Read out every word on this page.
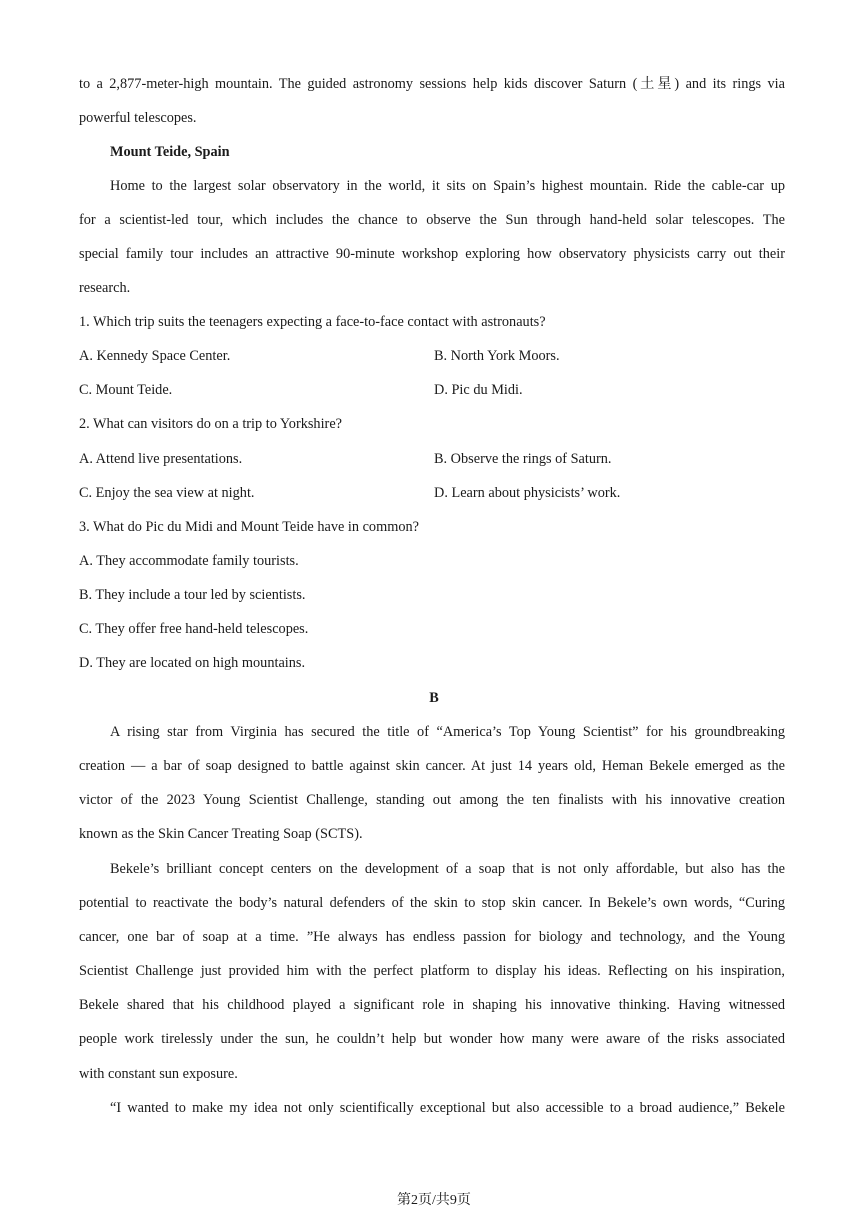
to a 2,877-meter-high mountain. The guided astronomy sessions help kids discover Saturn (土星) and its rings via
powerful telescopes.
Mount Teide, Spain
Home to the largest solar observatory in the world, it sits on Spain’s highest mountain. Ride the cable-car up
for a scientist-led tour, which includes the chance to observe the Sun through hand-held solar telescopes. The
special family tour includes an attractive 90-minute workshop exploring how observatory physicists carry out their
research.
1. Which trip suits the teenagers expecting a face-to-face contact with astronauts?
A. Kennedy Space Center.	B. North York Moors.
C. Mount Teide.	D. Pic du Midi.
2. What can visitors do on a trip to Yorkshire?
A. Attend live presentations.	B. Observe the rings of Saturn.
C. Enjoy the sea view at night.	D. Learn about physicists’ work.
3. What do Pic du Midi and Mount Teide have in common?
A. They accommodate family tourists.
B. They include a tour led by scientists.
C. They offer free hand-held telescopes.
D. They are located on high mountains.
B
A rising star from Virginia has secured the title of “America’s Top Young Scientist” for his groundbreaking
creation — a bar of soap designed to battle against skin cancer. At just 14 years old, Heman Bekele emerged as the
victor of the 2023 Young Scientist Challenge, standing out among the ten finalists with his innovative creation
known as the Skin Cancer Treating Soap (SCTS).
Bekele’s brilliant concept centers on the development of a soap that is not only affordable, but also has the
potential to reactivate the body’s natural defenders of the skin to stop skin cancer. In Bekele’s own words, “Curing
cancer, one bar of soap at a time. ”He always has endless passion for biology and technology, and the Young
Scientist Challenge just provided him with the perfect platform to display his ideas. Reflecting on his inspiration,
Bekele shared that his childhood played a significant role in shaping his innovative thinking. Having witnessed
people work tirelessly under the sun, he couldn’t help but wonder how many were aware of the risks associated
with constant sun exposure.
“I wanted to make my idea not only scientifically exceptional but also accessible to a broad audience,” Bekele
第2页/共9页
